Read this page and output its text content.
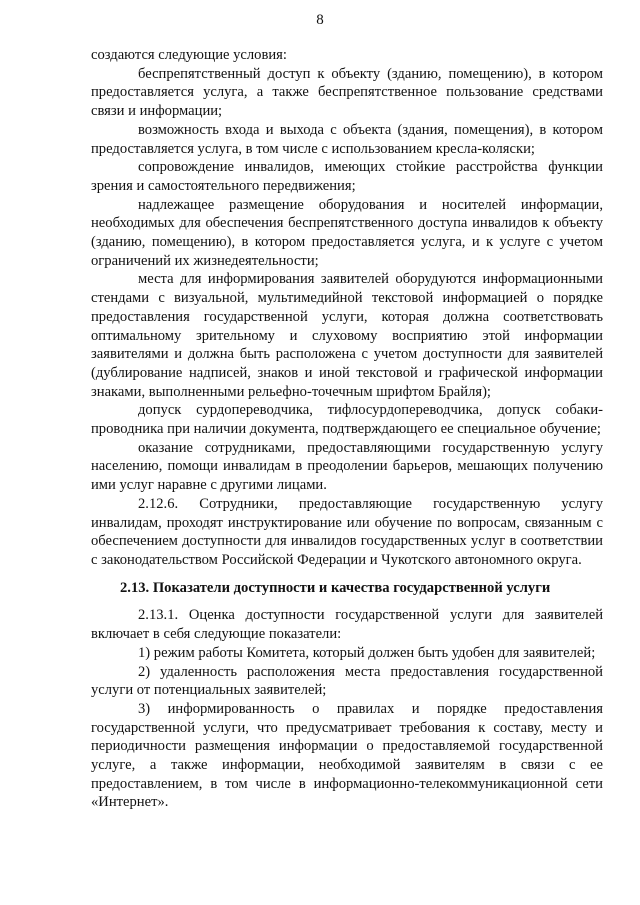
8

создаются следующие условия:

беспрепятственный доступ к объекту (зданию, помещению), в котором предоставляется услуга, а также беспрепятственное пользование средствами связи и информации;

возможность входа и выхода с объекта (здания, помещения), в котором предоставляется услуга, в том числе с использованием кресла-коляски;

сопровождение инвалидов, имеющих стойкие расстройства функции зрения и самостоятельного передвижения;

надлежащее размещение оборудования и носителей информации, необходимых для обеспечения беспрепятственного доступа инвалидов к объекту (зданию, помещению), в котором предоставляется услуга, и к услуге с учетом ограничений их жизнедеятельности;

места для информирования заявителей оборудуются информационными стендами с визуальной, мультимедийной текстовой информацией о порядке предоставления государственной услуги, которая должна соответствовать оптимальному зрительному и слуховому восприятию этой информации заявителями и должна быть расположена с учетом доступности для заявителей (дублирование надписей, знаков и иной текстовой и графической информации знаками, выполненными рельефно-точечным шрифтом Брайля);

допуск сурдопереводчика, тифлосурдопереводчика, допуск собаки-проводника при наличии документа, подтверждающего ее специальное обучение;

оказание сотрудниками, предоставляющими государственную услугу населению, помощи инвалидам в преодолении барьеров, мешающих получению ими услуг наравне с другими лицами.

2.12.6. Сотрудники, предоставляющие государственную услугу инвалидам, проходят инструктирование или обучение по вопросам, связанным с обеспечением доступности для инвалидов государственных услуг в соответствии с законодательством Российской Федерации и Чукотского автономного округа.

2.13. Показатели доступности и качества государственной услуги

2.13.1. Оценка доступности государственной услуги для заявителей включает в себя следующие показатели:

1) режим работы Комитета, который должен быть удобен для заявителей;

2) удаленность расположения места предоставления государственной услуги от потенциальных заявителей;

3) информированность о правилах и порядке предоставления государственной услуги, что предусматривает требования к составу, месту и периодичности размещения информации о предоставляемой государственной услуге, а также информации, необходимой заявителям в связи с ее предоставлением, в том числе в информационно-телекоммуникационной сети «Интернет».
